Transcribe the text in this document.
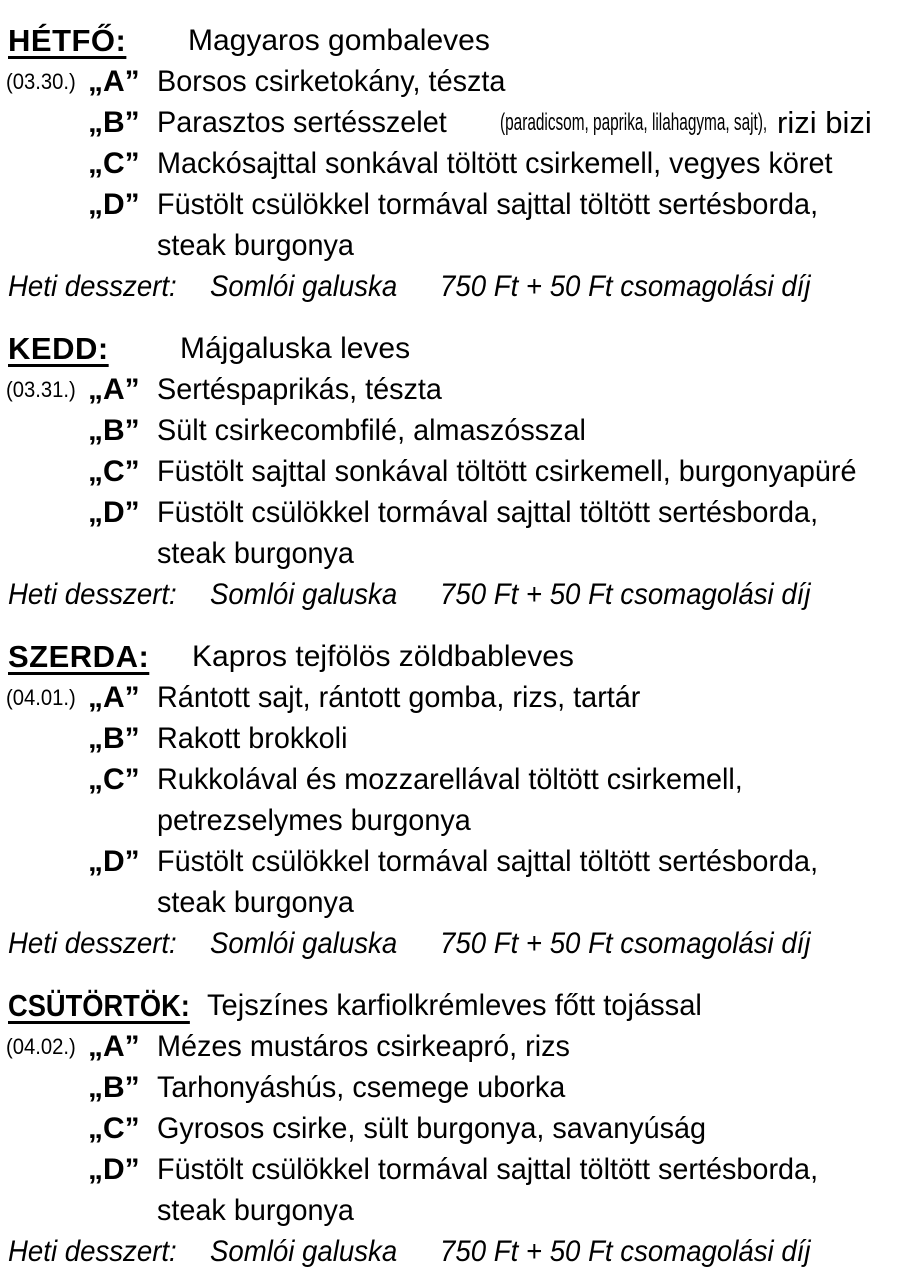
HÉTFŐ: Magyaros gombaleves
(03.30.) „A” Borsos csirketokány, tészta
„B” Parasztos sertésszelet (paradicsom, paprika, lilahagyma, sajt), rizi bizi
„C” Mackósajttal sonkával töltött csirkemell, vegyes köret
„D” Füstölt csülökkel tormával sajttal töltött sertésborda,
steak burgonya
Heti desszert: Somlói galuska 750 Ft + 50 Ft csomagolási díj
KEDD: Májgaluska leves
(03.31.) „A” Sertéspaprikás, tészta
„B” Sült csirkecombfilé, almaszósszal
„C” Füstölt sajttal sonkával töltött csirkemell, burgonyapüré
„D” Füstölt csülökkel tormával sajttal töltött sertésborda,
steak burgonya
Heti desszert: Somlói galuska 750 Ft + 50 Ft csomagolási díj
SZERDA: Kapros tejfölös zöldbableves
(04.01.) „A” Rántott sajt, rántott gomba, rizs, tartár
„B” Rakott brokkoli
„C” Rukkolával és mozzarellával töltött csirkemell,
petrezselymes burgonya
„D” Füstölt csülökkel tormával sajttal töltött sertésborda,
steak burgonya
Heti desszert: Somlói galuska 750 Ft + 50 Ft csomagolási díj
CSÜTÖRTÖK: Tejszínes karfiolkrémleves főtt tojással
(04.02.) „A” Mézes mustáros csirkeapró, rizs
„B” Tarhonyáshús, csemege uborka
„C” Gyrosos csirke, sült burgonya, savanyúság
„D” Füstölt csülökkel tormával sajttal töltött sertésborda,
steak burgonya
Heti desszert: Somlói galuska 750 Ft + 50 Ft csomagolási díj
